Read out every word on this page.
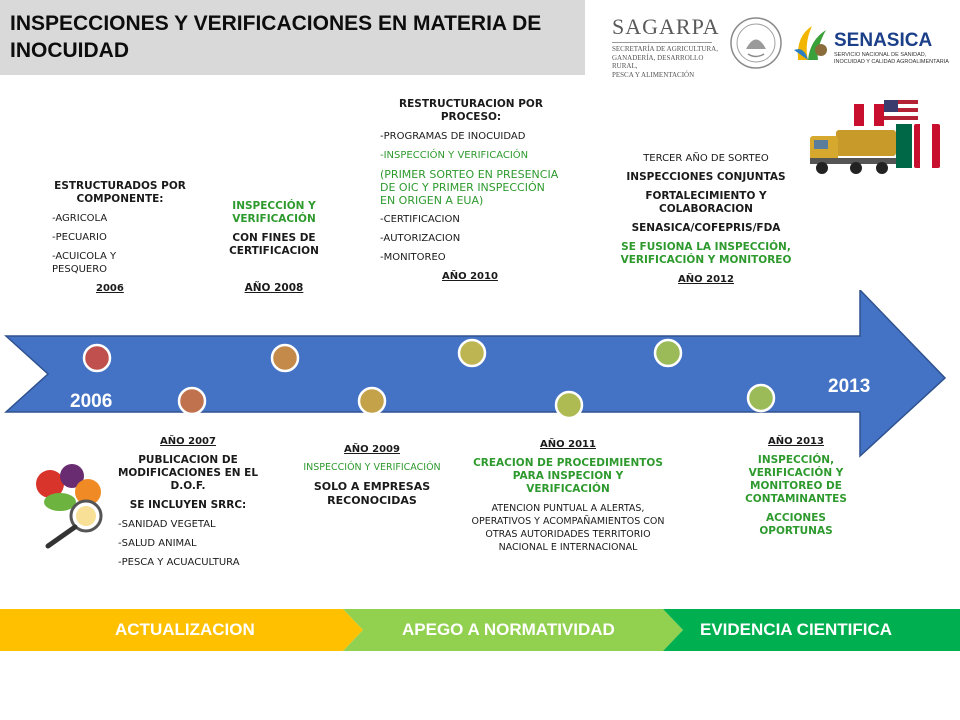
INSPECCIONES Y VERIFICACIONES EN MATERIA DE INOCUIDAD
SAGARPA
SECRETARÍA DE AGRICULTURA,
GANADERÍA, DESARROLLO RURAL,
PESCA Y ALIMENTACIÓN
SENASICA
SERVICIO NACIONAL DE SANIDAD,
INOCUIDAD Y CALIDAD AGROALIMENTARIA
2006
2013
ESTRUCTURADOS POR COMPONENTE:
-AGRICOLA
-PECUARIO
-ACUICOLA Y PESQUERO
2006
INSPECCIÓN Y VERIFICACIÓN
CON FINES DE CERTIFICACION
AÑO 2008
RESTRUCTURACION POR PROCESO:
-PROGRAMAS DE INOCUIDAD
-INSPECCIÓN Y VERIFICACIÓN
(PRIMER SORTEO EN PRESENCIA DE OIC Y PRIMER INSPECCIÓN EN ORIGEN A EUA)
-CERTIFICACION
-AUTORIZACION
-MONITOREO
AÑO 2010
TERCER AÑO DE SORTEO
INSPECCIONES CONJUNTAS
FORTALECIMIENTO Y COLABORACION
SENASICA/COFEPRIS/FDA
SE FUSIONA LA INSPECCIÓN, VERIFICACIÓN Y MONITOREO
AÑO 2012
AÑO 2007
PUBLICACION DE MODIFICACIONES EN EL D.O.F.
SE INCLUYEN SRRC:
-SANIDAD VEGETAL
-SALUD ANIMAL
-PESCA Y ACUACULTURA
AÑO 2009
INSPECCIÓN Y VERIFICACIÓN
SOLO A EMPRESAS RECONOCIDAS
AÑO 2011
CREACION DE PROCEDIMIENTOS PARA INSPECION Y VERIFICACIÓN
ATENCION PUNTUAL A ALERTAS, OPERATIVOS Y ACOMPAÑAMIENTOS CON OTRAS AUTORIDADES TERRITORIO NACIONAL E INTERNACIONAL
AÑO 2013
INSPECCIÓN, VERIFICACIÓN Y MONITOREO DE CONTAMINANTES
ACCIONES OPORTUNAS
ACTUALIZACION	APEGO A NORMATIVIDAD	EVIDENCIA CIENTIFICA
